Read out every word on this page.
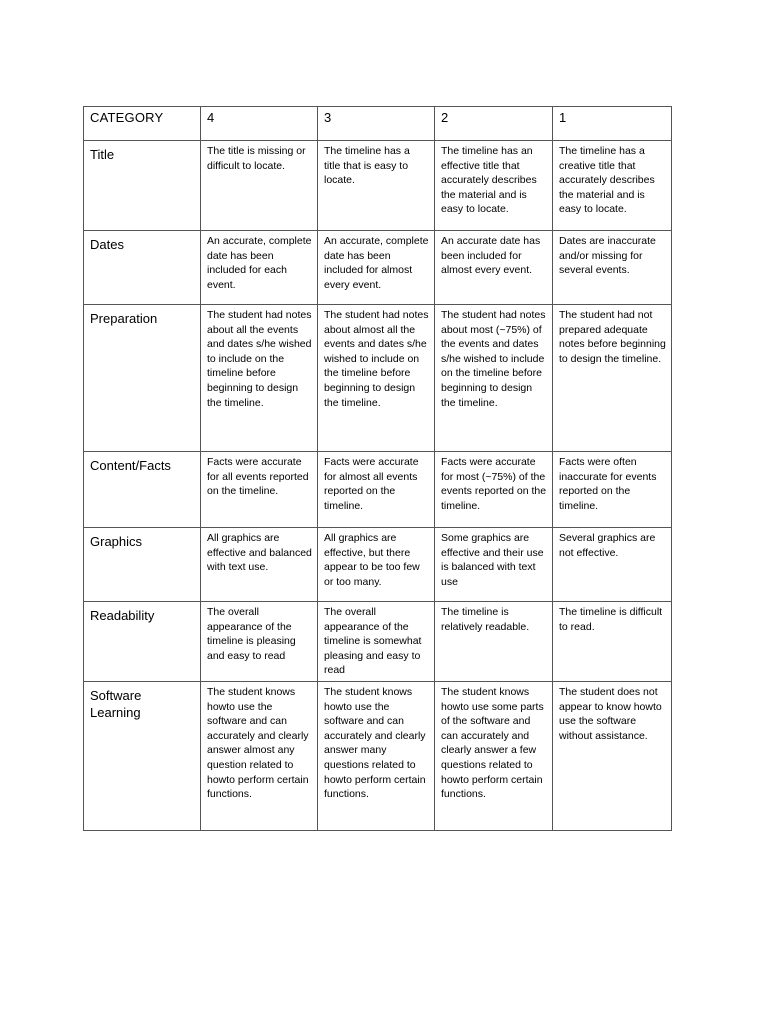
CATEGORY	4	3	2	1
Title	The title is missing or difficult to locate.	The timeline has a title that is easy to locate.	The timeline has an effective title that accurately describes the material and is easy to locate.	The timeline has a creative title that accurately describes the material and is easy to locate.
Dates	An accurate, complete date has been included for each event.	An accurate, complete date has been included for almost every event.	An accurate date has been included for almost every event.	Dates are inaccurate and/or missing for several events.
Preparation	The student had notes about all the events and dates s/he wished to include on the timeline before beginning to design the timeline.	The student had notes about almost all the events and dates s/he wished to include on the timeline before beginning to design the timeline.	The student had notes about most (~75%) of the events and dates s/he wished to include on the timeline before beginning to design the timeline.	The student had not prepared adequate notes before beginning to design the timeline.
Content/Facts	Facts were accurate for all events reported on the timeline.	Facts were accurate for almost all events reported on the timeline.	Facts were accurate for most (~75%) of the events reported on the timeline.	Facts were often inaccurate for events reported on the timeline.
Graphics	All graphics are effective and balanced with text use.	All graphics are effective, but there appear to be too few or too many.	Some graphics are effective and their use is balanced with text use	Several graphics are not effective.
Readability	The overall appearance of the timeline is pleasing and easy to read	The overall appearance of the timeline is somewhat pleasing and easy to read	The timeline is relatively readable.	The timeline is difficult to read.
Software Learning	The student knows howto use the software and can accurately and clearly answer almost any question related to howto perform certain functions.	The student knows howto use the software and can accurately and clearly answer many questions related to howto perform certain functions.	The student knows howto use some parts of the software and can accurately and clearly answer a few questions related to howto perform certain functions.	The student does not appear to know howto use the software without assistance.
